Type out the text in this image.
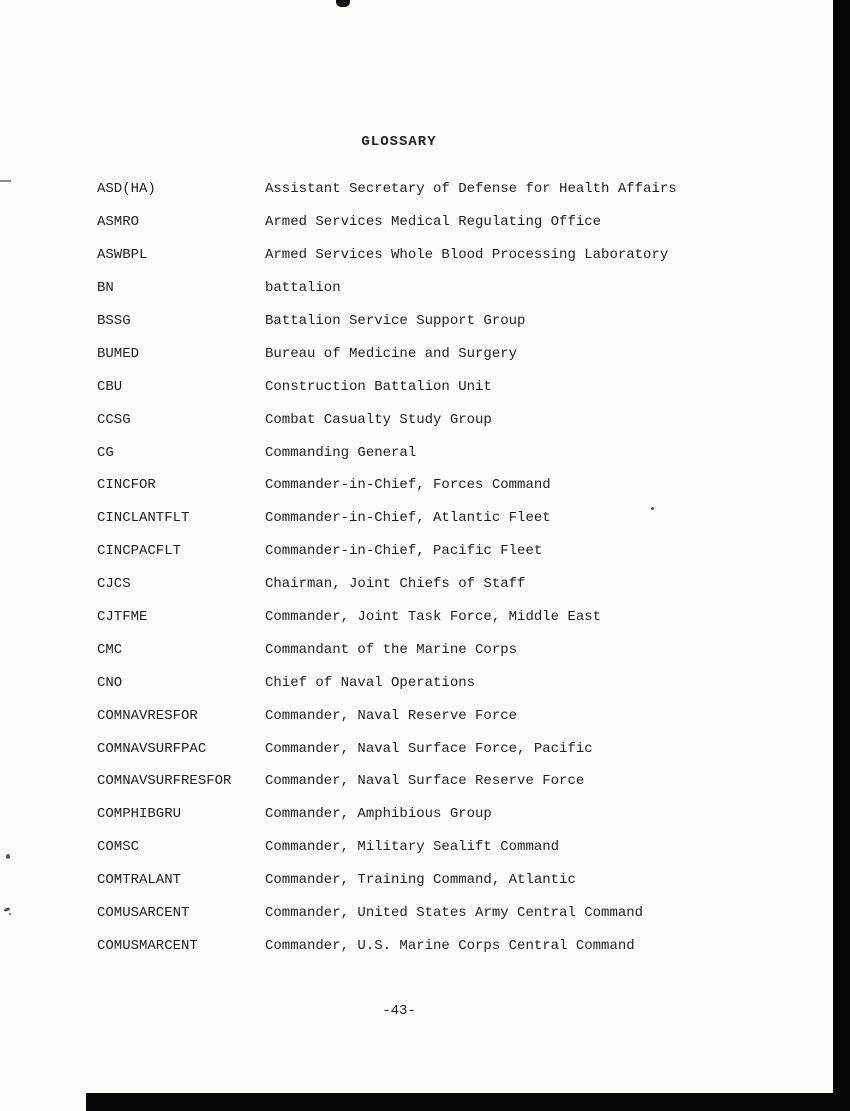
GLOSSARY
ASD(HA)	Assistant Secretary of Defense for Health Affairs
ASMRO	Armed Services Medical Regulating Office
ASWBPL	Armed Services Whole Blood Processing Laboratory
BN	battalion
BSSG	Battalion Service Support Group
BUMED	Bureau of Medicine and Surgery
CBU	Construction Battalion Unit
CCSG	Combat Casualty Study Group
CG	Commanding General
CINCFOR	Commander-in-Chief, Forces Command
CINCLANTFLT	Commander-in-Chief, Atlantic Fleet
CINCPACFLT	Commander-in-Chief, Pacific Fleet
CJCS	Chairman, Joint Chiefs of Staff
CJTFME	Commander, Joint Task Force, Middle East
CMC	Commandant of the Marine Corps
CNO	Chief of Naval Operations
COMNAVRESFOR	Commander, Naval Reserve Force
COMNAVSURFPAC	Commander, Naval Surface Force, Pacific
COMNAVSURFRESFOR	Commander, Naval Surface Reserve Force
COMPHIBGRU	Commander, Amphibious Group
COMSC	Commander, Military Sealift Command
COMTRALANT	Commander, Training Command, Atlantic
COMUSARCENT	Commander, United States Army Central Command
COMUSMARCENT	Commander, U.S. Marine Corps Central Command
-43-
